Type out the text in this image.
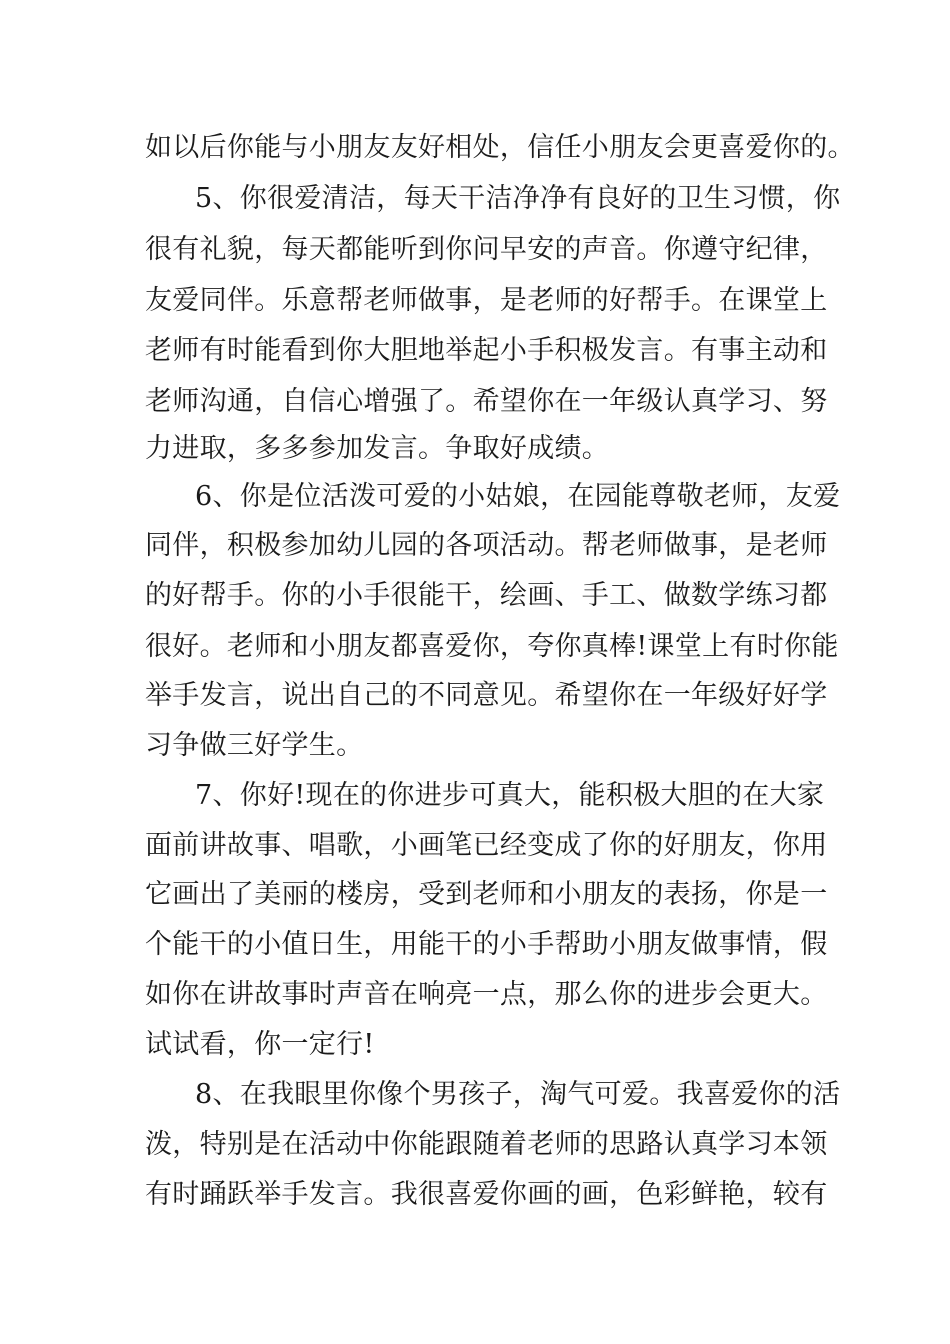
如以后你能与小朋友友好相处，信任小朋友会更喜爱你的。
5、你很爱清洁，每天干洁净净有良好的卫生习惯，你
很有礼貌，每天都能听到你问早安的声音。你遵守纪律，
友爱同伴。乐意帮老师做事，是老师的好帮手。在课堂上
老师有时能看到你大胆地举起小手积极发言。有事主动和
老师沟通，自信心增强了。希望你在一年级认真学习、努
力进取，多多参加发言。争取好成绩。
6、你是位活泼可爱的小姑娘，在园能尊敬老师，友爱
同伴，积极参加幼儿园的各项活动。帮老师做事，是老师
的好帮手。你的小手很能干，绘画、手工、做数学练习都
很好。老师和小朋友都喜爱你，夸你真棒!课堂上有时你能
举手发言，说出自己的不同意见。希望你在一年级好好学
习争做三好学生。
7、你好!现在的你进步可真大，能积极大胆的在大家
面前讲故事、唱歌，小画笔已经变成了你的好朋友，你用
它画出了美丽的楼房，受到老师和小朋友的表扬，你是一
个能干的小值日生，用能干的小手帮助小朋友做事情，假
如你在讲故事时声音在响亮一点，那么你的进步会更大。
试试看，你一定行!
8、在我眼里你像个男孩子，淘气可爱。我喜爱你的活
泼，特别是在活动中你能跟随着老师的思路认真学习本领
有时踊跃举手发言。我很喜爱你画的画，色彩鲜艳，较有
